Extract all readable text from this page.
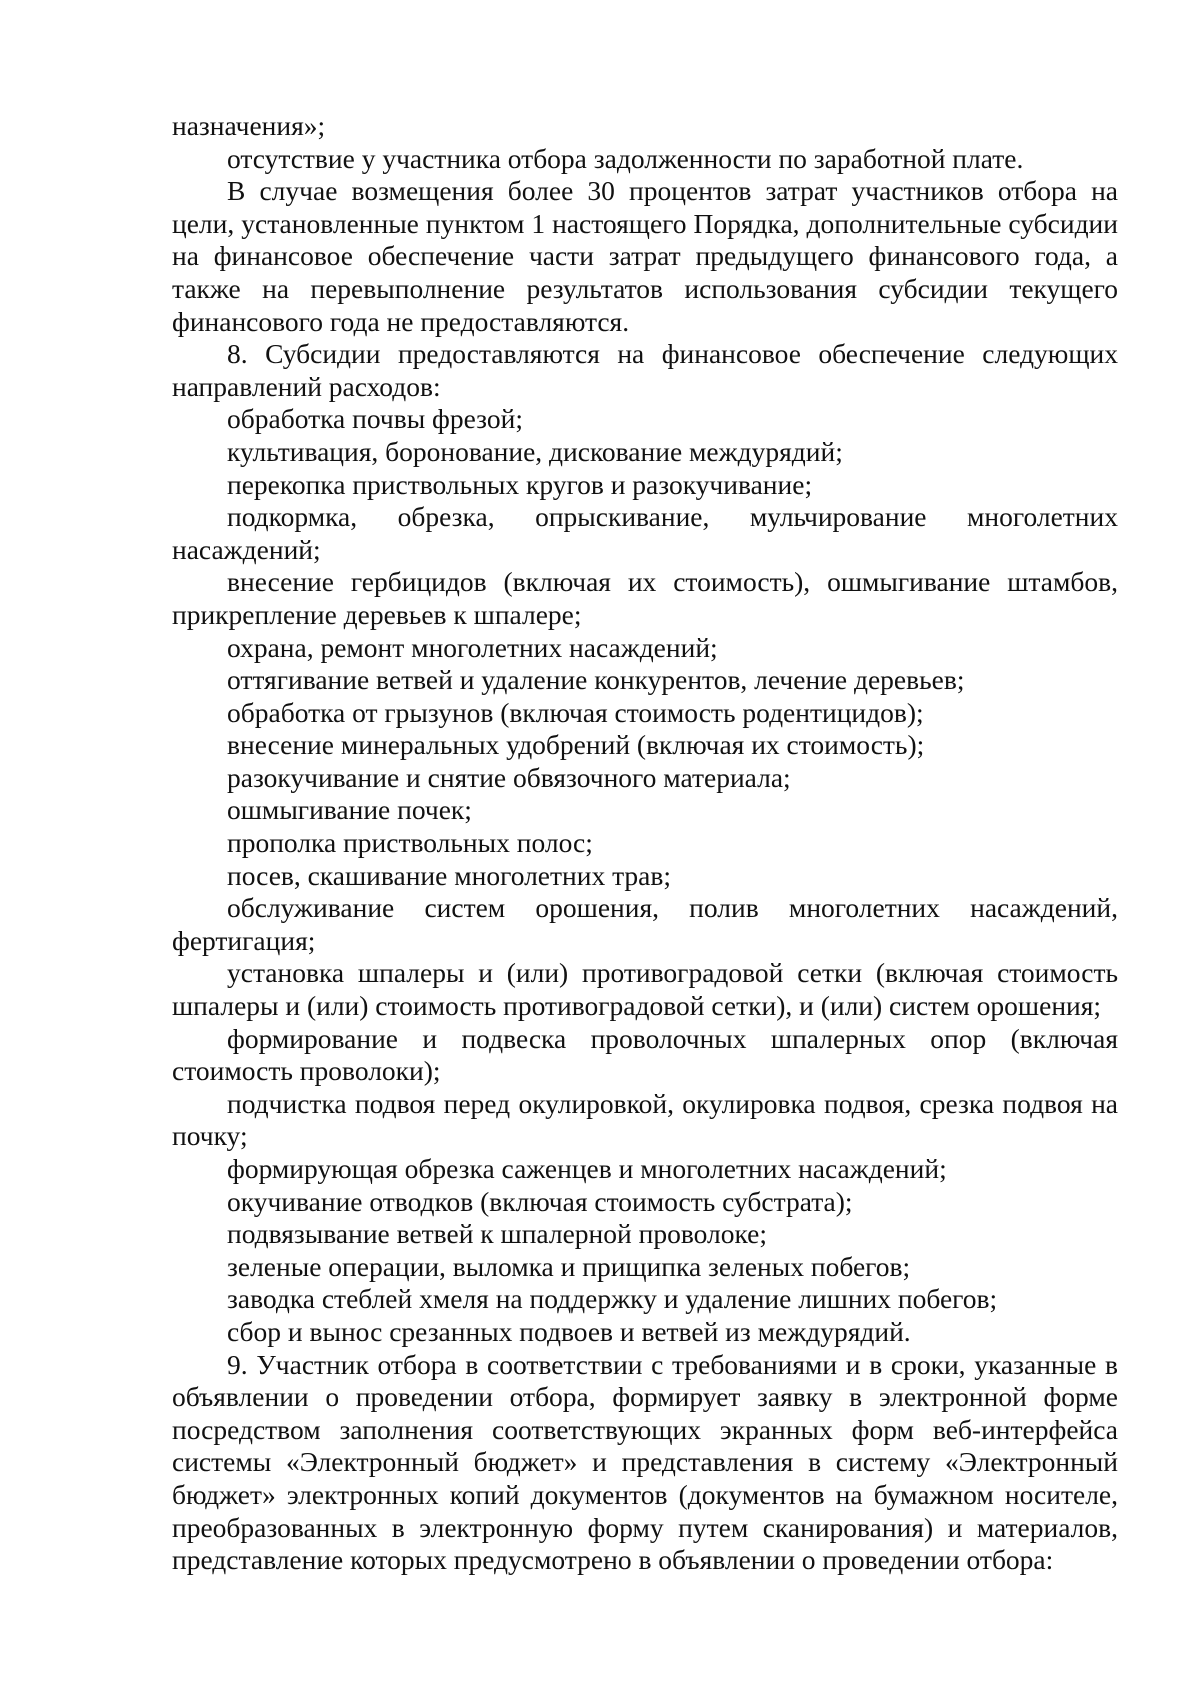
назначения»;

отсутствие у участника отбора задолженности по заработной плате.

В случае возмещения более 30 процентов затрат участников отбора на цели, установленные пунктом 1 настоящего Порядка, дополнительные субсидии на финансовое обеспечение части затрат предыдущего финансового года, а также на перевыполнение результатов использования субсидии текущего финансового года не предоставляются.

8. Субсидии предоставляются на финансовое обеспечение следующих направлений расходов:

обработка почвы фрезой;

культивация, боронование, дискование междурядий;

перекопка приствольных кругов и разокучивание;

подкормка, обрезка, опрыскивание, мульчирование многолетних насаждений;

внесение гербицидов (включая их стоимость), ошмыгивание штамбов, прикрепление деревьев к шпалере;

охрана, ремонт многолетних насаждений;

оттягивание ветвей и удаление конкурентов, лечение деревьев;

обработка от грызунов (включая стоимость родентицидов);

внесение минеральных удобрений (включая их стоимость);

разокучивание и снятие обвязочного материала;

ошмыгивание почек;

прополка приствольных полос;

посев, скашивание многолетних трав;

обслуживание систем орошения, полив многолетних насаждений, фертигация;

установка шпалеры и (или) противоградовой сетки (включая стоимость шпалеры и (или) стоимость противоградовой сетки), и (или) систем орошения;

формирование и подвеска проволочных шпалерных опор (включая стоимость проволоки);

подчистка подвоя перед окулировкой, окулировка подвоя, срезка подвоя на почку;

формирующая обрезка саженцев и многолетних насаждений;

окучивание отводков (включая стоимость субстрата);

подвязывание ветвей к шпалерной проволоке;

зеленые операции, выломка и прищипка зеленых побегов;

заводка стеблей хмеля на поддержку и удаление лишних побегов;

сбор и вынос срезанных подвоев и ветвей из междурядий.

9. Участник отбора в соответствии с требованиями и в сроки, указанные в объявлении о проведении отбора, формирует заявку в электронной форме посредством заполнения соответствующих экранных форм веб-интерфейса системы «Электронный бюджет» и представления в систему «Электронный бюджет» электронных копий документов (документов на бумажном носителе, преобразованных в электронную форму путем сканирования) и материалов, представление которых предусмотрено в объявлении о проведении отбора:
